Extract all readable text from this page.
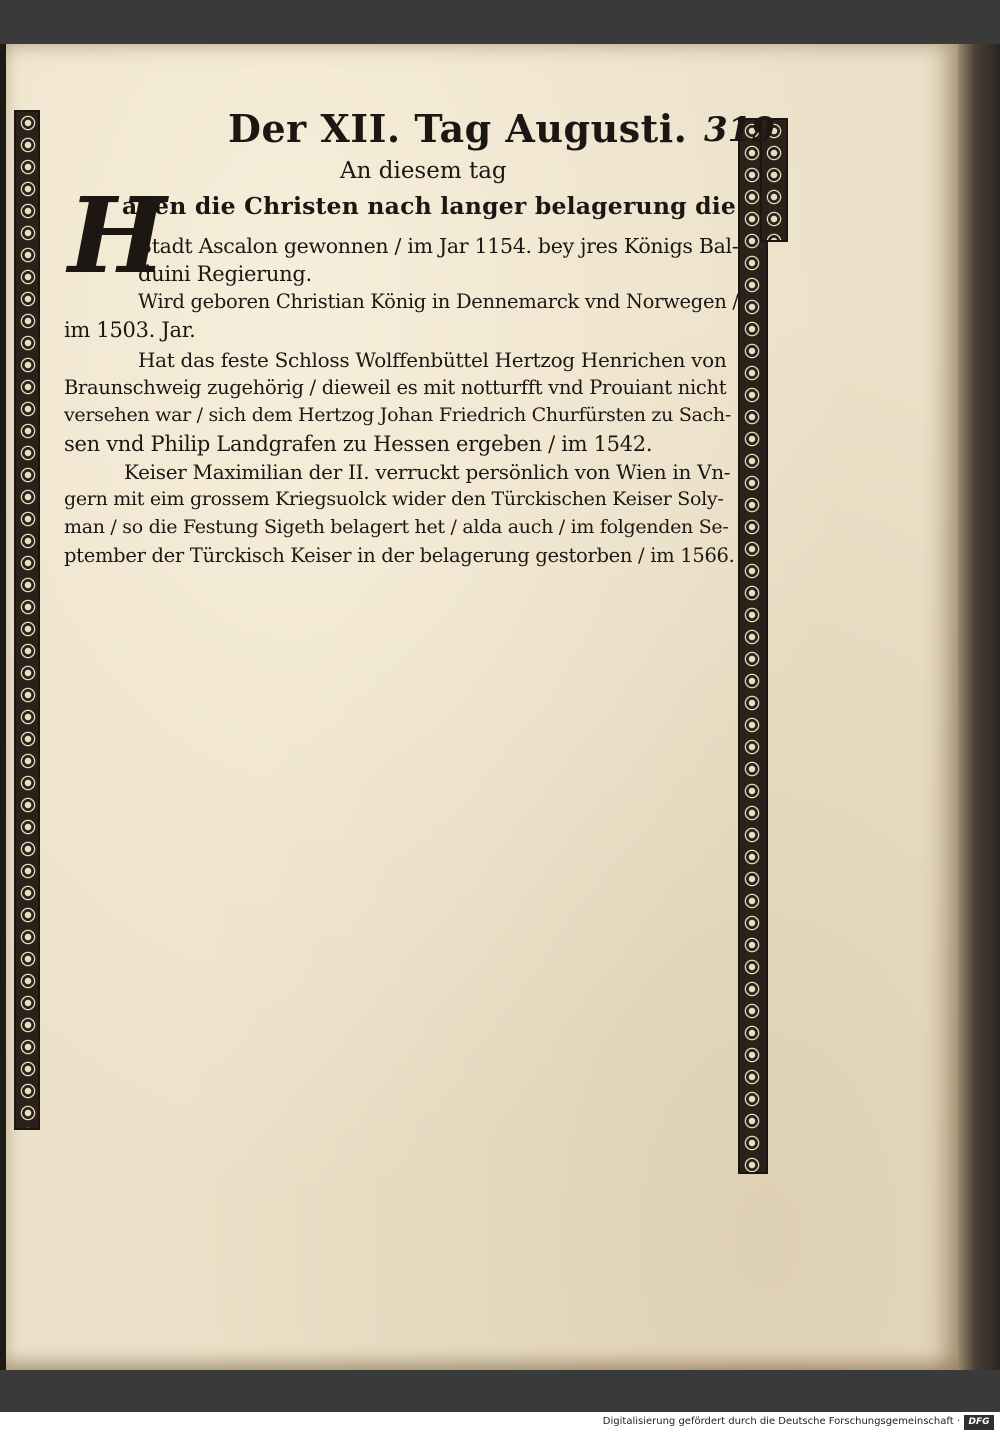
Der XII. Tag Augusti. 319
An diesem tag
H
aben die Christen nach langer belagerung die
Stadt Ascalon gewonnen / im Jar 1154. bey jres Königs Bal-
duini Regierung.
Wird geboren Christian König in Dennemarck vnd Norwegen /
im 1503. Jar.
Hat das feste Schloss Wolffenbüttel Hertzog Henrichen von
Braunschweig zugehörig / dieweil es mit notturfft vnd Prouiant nicht
versehen war / sich dem Hertzog Johan Friedrich Churfürsten zu Sach-
sen vnd Philip Landgrafen zu Hessen ergeben / im 1542.
Keiser Maximilian der II. verruckt persönlich von Wien in Vn-
gern mit eim grossem Kriegsuolck wider den Türckischen Keiser Soly-
man / so die Festung Sigeth belagert het / alda auch / im folgenden Se-
ptember der Türckisch Keiser in der belagerung gestorben / im 1566.
Digitalisierung gefördert durch die Deutsche Forschungsgemeinschaft · DFG
